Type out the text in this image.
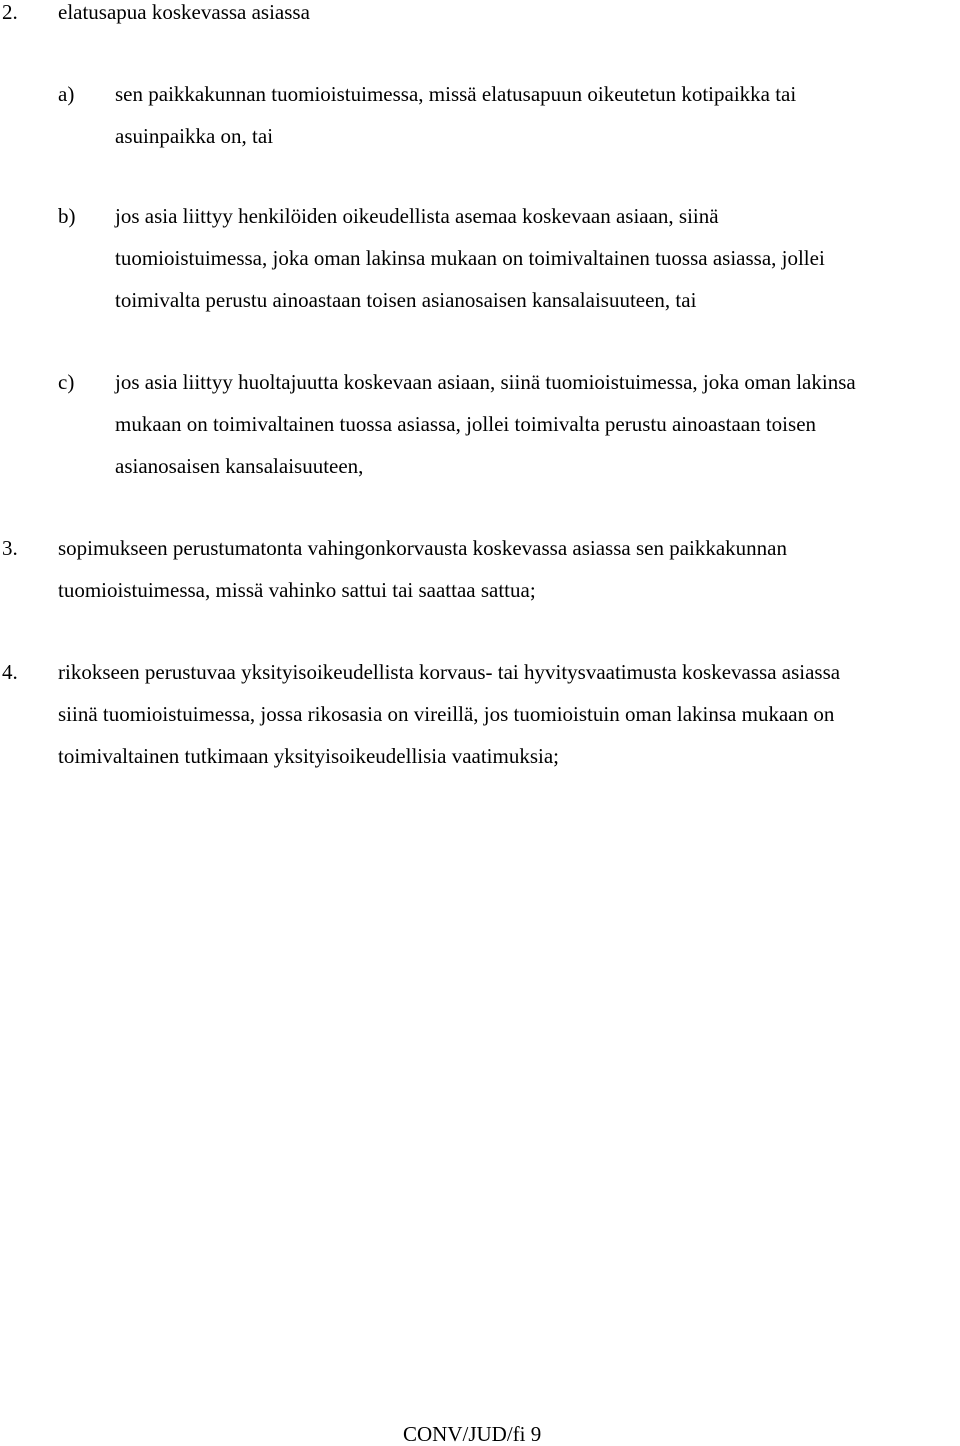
2. elatusapua koskevassa asiassa
a) sen paikkakunnan tuomioistuimessa, missä elatusapuun oikeutetun kotipaikka tai
asuinpaikka on, tai
b) jos asia liittyy henkilöiden oikeudellista asemaa koskevaan asiaan, siinä
tuomioistuimessa, joka oman lakinsa mukaan on toimivaltainen tuossa asiassa, jollei
toimivalta perustu ainoastaan toisen asianosaisen kansalaisuuteen, tai
c) jos asia liittyy huoltajuutta koskevaan asiaan, siinä tuomioistuimessa, joka oman lakinsa
mukaan on toimivaltainen tuossa asiassa, jollei toimivalta perustu ainoastaan toisen
asianosaisen kansalaisuuteen,
3. sopimukseen perustumatonta vahingonkorvausta koskevassa asiassa sen paikkakunnan
tuomioistuimessa, missä vahinko sattui tai saattaa sattua;
4. rikokseen perustuvaa yksityisoikeudellista korvaus- tai hyvitysvaatimusta koskevassa asiassa
siinä tuomioistuimessa, jossa rikosasia on vireillä, jos tuomioistuin oman lakinsa mukaan on
toimivaltainen tutkimaan yksityisoikeudellisia vaatimuksia;
CONV/JUD/fi 9
